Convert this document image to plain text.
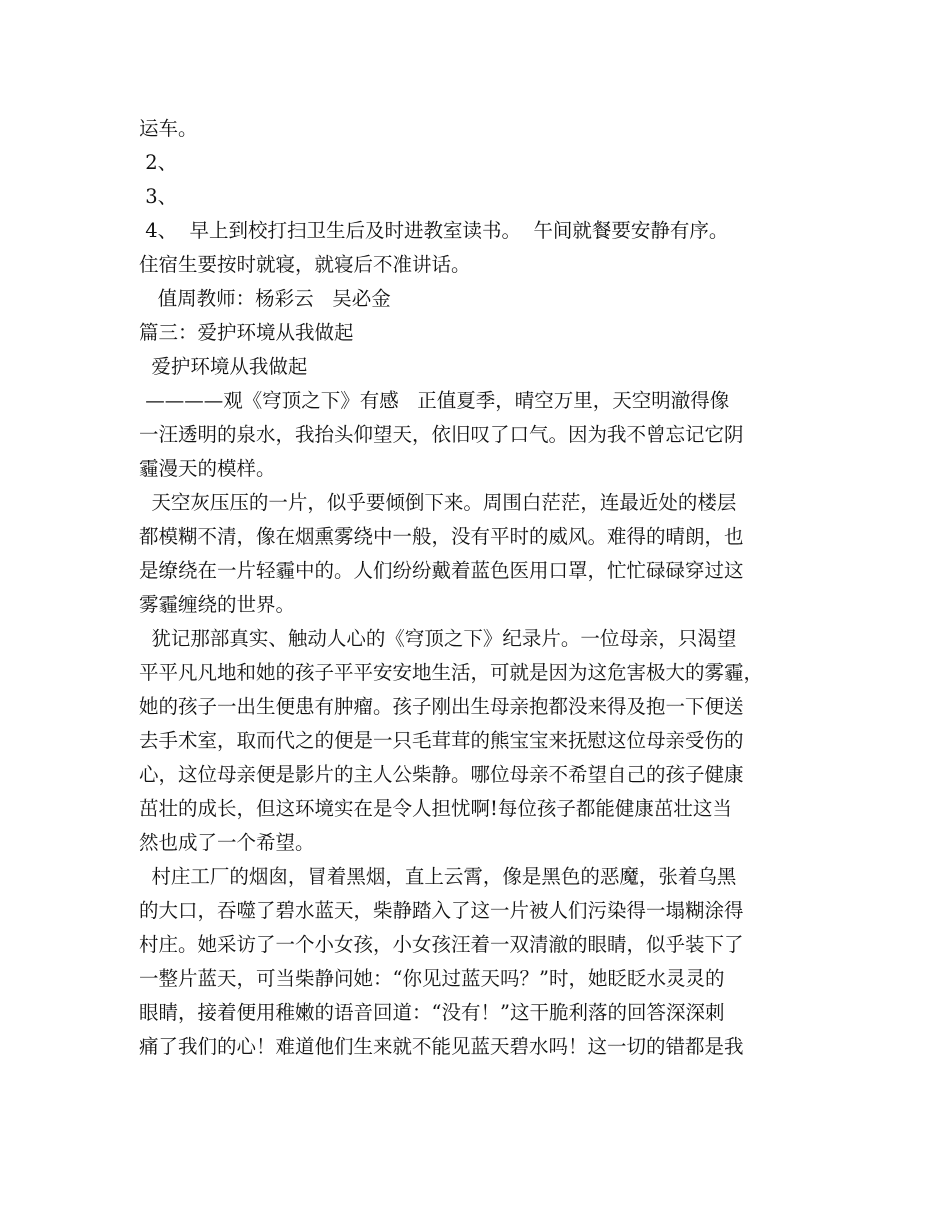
运车。
2、
3、
4、  早上到校打扫卫生后及时进教室读书。  午间就餐要安静有序。
住宿生要按时就寝，就寝后不准讲话。
值周教师：杨彩云   吴必金
篇三：爱护环境从我做起
爱护环境从我做起
————观《穹顶之下》有感   正值夏季，晴空万里，天空明澈得像
一汪透明的泉水，我抬头仰望天，依旧叹了口气。因为我不曾忘记它阴
霾漫天的模样。
天空灰压压的一片，似乎要倾倒下来。周围白茫茫，连最近处的楼层
都模糊不清，像在烟熏雾绕中一般，没有平时的威风。难得的晴朗，也
是缭绕在一片轻霾中的。人们纷纷戴着蓝色医用口罩，忙忙碌碌穿过这
雾霾缠绕的世界。
犹记那部真实、触动人心的《穹顶之下》纪录片。一位母亲，只渴望
平平凡凡地和她的孩子平平安安地生活，可就是因为这危害极大的雾霾，
她的孩子一出生便患有肿瘤。孩子刚出生母亲抱都没来得及抱一下便送
去手术室，取而代之的便是一只毛茸茸的熊宝宝来抚慰这位母亲受伤的
心，这位母亲便是影片的主人公柴静。哪位母亲不希望自己的孩子健康
茁壮的成长，但这环境实在是令人担忧啊!每位孩子都能健康茁壮这当
然也成了一个希望。
村庄工厂的烟囱，冒着黑烟，直上云霄，像是黑色的恶魔，张着乌黑
的大口，吞噬了碧水蓝天，柴静踏入了这一片被人们污染得一塌糊涂得
村庄。她采访了一个小女孩，小女孩汪着一双清澈的眼睛，似乎装下了
一整片蓝天，可当柴静问她：“你见过蓝天吗？”时，她眨眨水灵灵的
眼睛，接着便用稚嫩的语音回道：“没有！”这干脆利落的回答深深刺
痛了我们的心！难道他们生来就不能见蓝天碧水吗！这一切的错都是我
